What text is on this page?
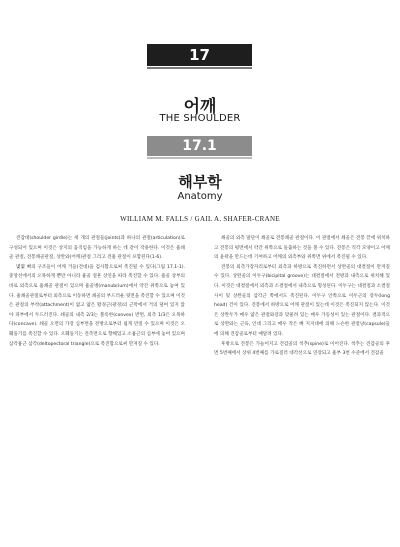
17
어깨
THE SHOULDER
17.1
해부학
Anatomy
WILLIAM M. FALLS / GAIL A. SHAFER-CRANE

견갑대(shoulder girdle)는 세 개의 관절들(joints)과 하나의 관절(articulation)로 구성되어 있으며 이것은 상지의 움직임을 가능하게 하는 데 같이 작용한다. 이것은 흉쇄골 관절, 견봉쇄골관절, 상완와(어깨)관절 그리고 견흉 관절이 포함된다(1-6).

몇몇 뼈의 구조들이 어깨 거들(견대)을 검사함으로써 촉진될 수 있다(그림 17.1-1). 중앙선에서의 오목하게 뿐만 아니라 흉골 절흔 상연을 따라 촉진할 수 있다. 흉골 상부의 바로 외측으로 흉쇄골 관절이 있으며 흉골병(manubrium)에서 약간 위쪽으로 놓여 있다. 흉쇄골관절로부터 외측으로 이동하면 쇄골의 부드러운 윗면을 촉진할 수 있으며 이것은 관절의 부착(attachment)이 없고 얇은 활경근(광경)의 근막에서 거의 덮여 있지 않아 피부에서 두드러진다. 쇄골의 내측 2/3는 볼록한(convex) 반면, 외측 1/3은 오목하다(concave). 쇄골 오면의 가장 심부면을 전방으로부터 쉽게 만질 수 있으며 이것은 오훼돌기를 촉진할 수 있다. 오훼돌기는 견측면으로 향해있고 소흉근의 심부에 놓여 있으며 삼각흉근 삼각(deltopectoral triangle)으로 촉진함으로써 만져질 수 있다.

쇄골의 외측 말단이 쇄골로 견봉쇄골 관절이다. 이 관절에서 쇄골은 견봉 끝에 위치하고 견봉의 평면에서 약간 위쪽으로 돌출하는 것을 볼 수 있다. 견봉은 직각 모양이고 어깨의 윤곽을 만드는데 기여하고 어깨의 외측부와 위쪽면 위에서 촉진될 수 있다.

견봉의 외측가장자리로부터 외측과 하방으로 촉진하면서 상완골의 대결절이 만져질 수 있다. 상완골의 이두구(bicipital groove)는 대결절에서 전방과 내측으로 위치해 있다. 이것은 대결절에서 외측과 소결절에서 내측으로 형성된다. 이두구는 대결절과 소결절 사이 및 상완골의 삼각근 쪽에서도 촉진된다. 이두구 안쪽으로 이두근의 장두(long head) 건이 있다. 견봉에서 하방으로 어깨 관절이 있는데 이것은 촉진되지 않는다. 이것은 상완두가 매우 얇은 관절와강과 맞물려 있는 매우 가동성이 있는 관절이다. 결과적으로 상완와는 근육, 인대 그리고 매우 작은 뼈 지지대에 의해 느슨한 관절낭(capsule)들에 의해 견갑골로부터 매달려 있다.

후방으로 견봉은 가늘어지고 견갑골의 척추(spine)로 이어진다. 척추는 견갑골의 후면 5번째에서 상위 4번째를 가로질러 대각선으로 연장되고 흉부 3번 수준에서 견갑골
